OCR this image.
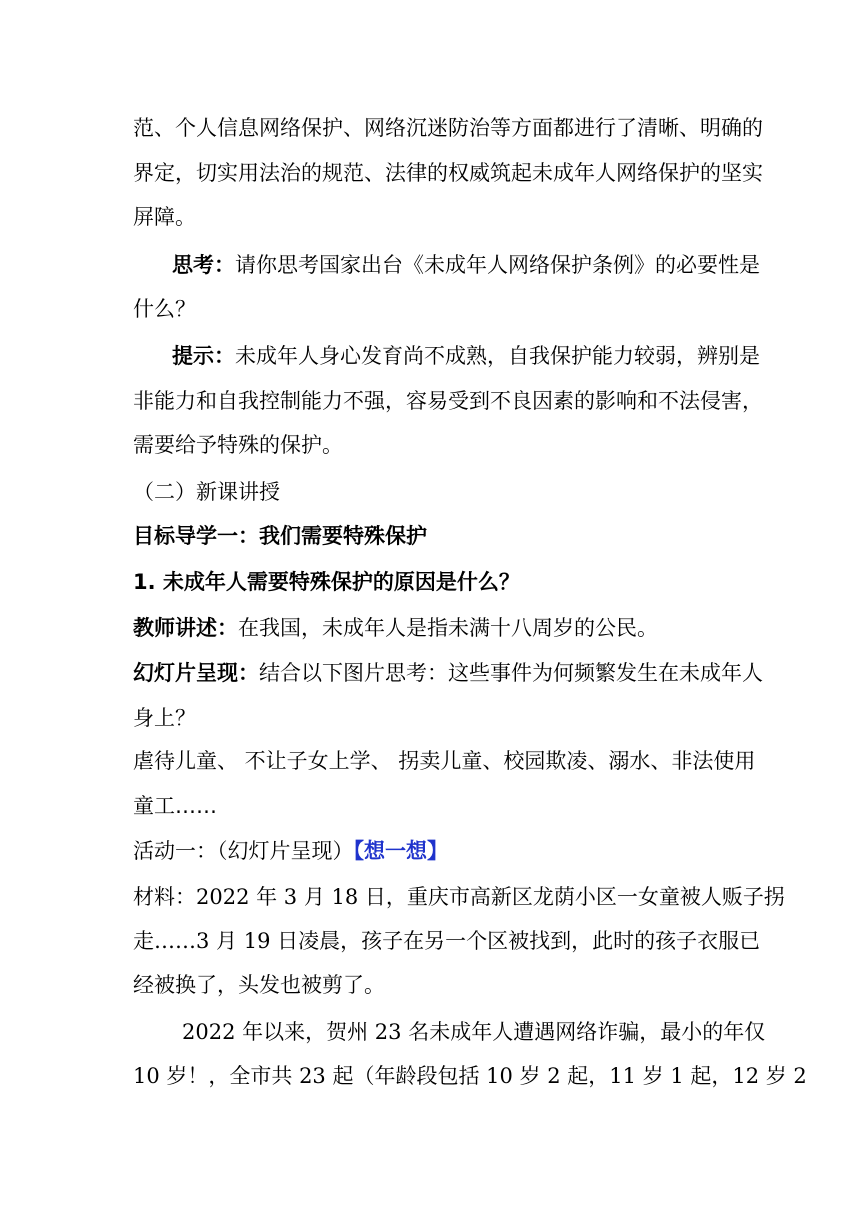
范、个人信息网络保护、网络沉迷防治等方面都进行了清晰、明确的
界定，切实用法治的规范、法律的权威筑起未成年人网络保护的坚实
屏障。
思考：请你思考国家出台《未成年人网络保护条例》的必要性是
什么？
提示：未成年人身心发育尚不成熟，自我保护能力较弱，辨别是
非能力和自我控制能力不强，容易受到不良因素的影响和不法侵害，
需要给予特殊的保护。
（二）新课讲授
目标导学一：我们需要特殊保护
1. 未成年人需要特殊保护的原因是什么？
教师讲述：在我国，未成年人是指未满十八周岁的公民。
幻灯片呈现：结合以下图片思考：这些事件为何频繁发生在未成年人
身上？
虐待儿童、 不让子女上学、 拐卖儿童、校园欺凌、溺水、非法使用
童工……
活动一：（幻灯片呈现）【想一想】
材料：2022 年 3 月 18 日，重庆市高新区龙荫小区一女童被人贩子拐
走……3 月 19 日凌晨，孩子在另一个区被找到，此时的孩子衣服已
经被换了，头发也被剪了。
2022 年以来，贺州 23 名未成年人遭遇网络诈骗，最小的年仅
10 岁！，全市共 23 起（年龄段包括 10 岁 2 起，11 岁 1 起，12 岁 2
